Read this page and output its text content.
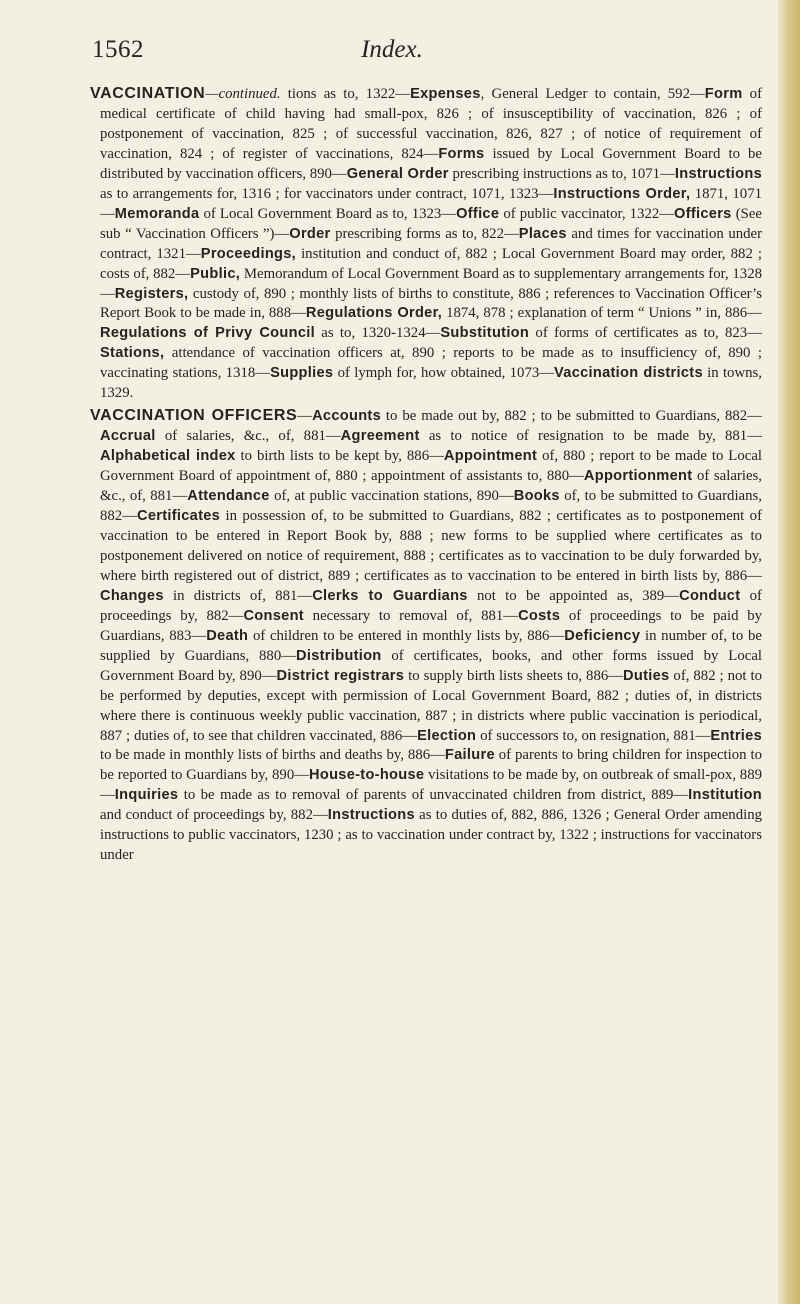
1562	Index.

VACCINATION—continued. tions as to, 1322—Expenses, General Ledger to contain, 592—Form of medical certificate of child having had small-pox, 826 ; of insusceptibility of vaccination, 826 ; of postponement of vaccination, 825 ; of successful vaccination, 826, 827 ; of notice of requirement of vaccination, 824 ; of register of vaccinations, 824—Forms issued by Local Government Board to be distributed by vaccination officers, 890—General Order prescribing instructions as to, 1071—Instructions as to arrangements for, 1316 ; for vaccinators under contract, 1071, 1323—Instructions Order, 1871, 1071—Memoranda of Local Government Board as to, 1323—Office of public vaccinator, 1322—Officers (See sub “ Vaccination Officers ”)—Order prescribing forms as to, 822—Places and times for vaccination under contract, 1321—Proceedings, institution and conduct of, 882 ; Local Government Board may order, 882 ; costs of, 882—Public, Memorandum of Local Government Board as to supplementary arrangements for, 1328—Registers, custody of, 890 ; monthly lists of births to constitute, 886 ; references to Vaccination Officer’s Report Book to be made in, 888—Regulations Order, 1874, 878 ; explanation of term “ Unions ” in, 886—Regulations of Privy Council as to, 1320-1324—Substitution of forms of certificates as to, 823—Stations, attendance of vaccination officers at, 890 ; reports to be made as to insufficiency of, 890 ; vaccinating stations, 1318—Supplies of lymph for, how obtained, 1073—Vaccination districts in towns, 1329.

VACCINATION OFFICERS—Accounts to be made out by, 882 ; to be submitted to Guardians, 882—Accrual of salaries, &c., of, 881—Agreement as to notice of resignation to be made by, 881—Alphabetical index to birth lists to be kept by, 886—Appointment of, 880 ; report to be made to Local Government Board of appointment of, 880 ; appointment of assistants to, 880—Apportionment of salaries, &c., of, 881—Attendance of, at public vaccination stations, 890—Books of, to be submitted to Guardians, 882—Certificates in possession of, to be submitted to Guardians, 882 ; certificates as to postponement of vaccination to be entered in Report Book by, 888 ; new forms to be supplied where certificates as to postponement delivered on notice of requirement, 888 ; certificates as to vaccination to be duly forwarded by, where birth registered out of district, 889 ; certificates as to vaccination to be entered in birth lists by, 886—Changes in districts of, 881—Clerks to Guardians not to be appointed as, 389—Conduct of proceedings by, 882—Consent necessary to removal of, 881—Costs of proceedings to be paid by Guardians, 883—Death of children to be entered in monthly lists by, 886—Deficiency in number of, to be supplied by Guardians, 880—Distribution of certificates, books, and other forms issued by Local Government Board by, 890—District registrars to supply birth lists sheets to, 886—Duties of, 882 ; not to be performed by deputies, except with permission of Local Government Board, 882 ; duties of, in districts where there is continuous weekly public vaccination, 887 ; in districts where public vaccination is periodical, 887 ; duties of, to see that children vaccinated, 886—Election of successors to, on resignation, 881—Entries to be made in monthly lists of births and deaths by, 886—Failure of parents to bring children for inspection to be reported to Guardians by, 890—House-to-house visitations to be made by, on outbreak of small-pox, 889—Inquiries to be made as to removal of parents of unvaccinated children from district, 889—Institution and conduct of proceedings by, 882—Instructions as to duties of, 882, 886, 1326 ; General Order amending instructions to public vaccinators, 1230 ; as to vaccination under contract by, 1322 ; instructions for vaccinators under
